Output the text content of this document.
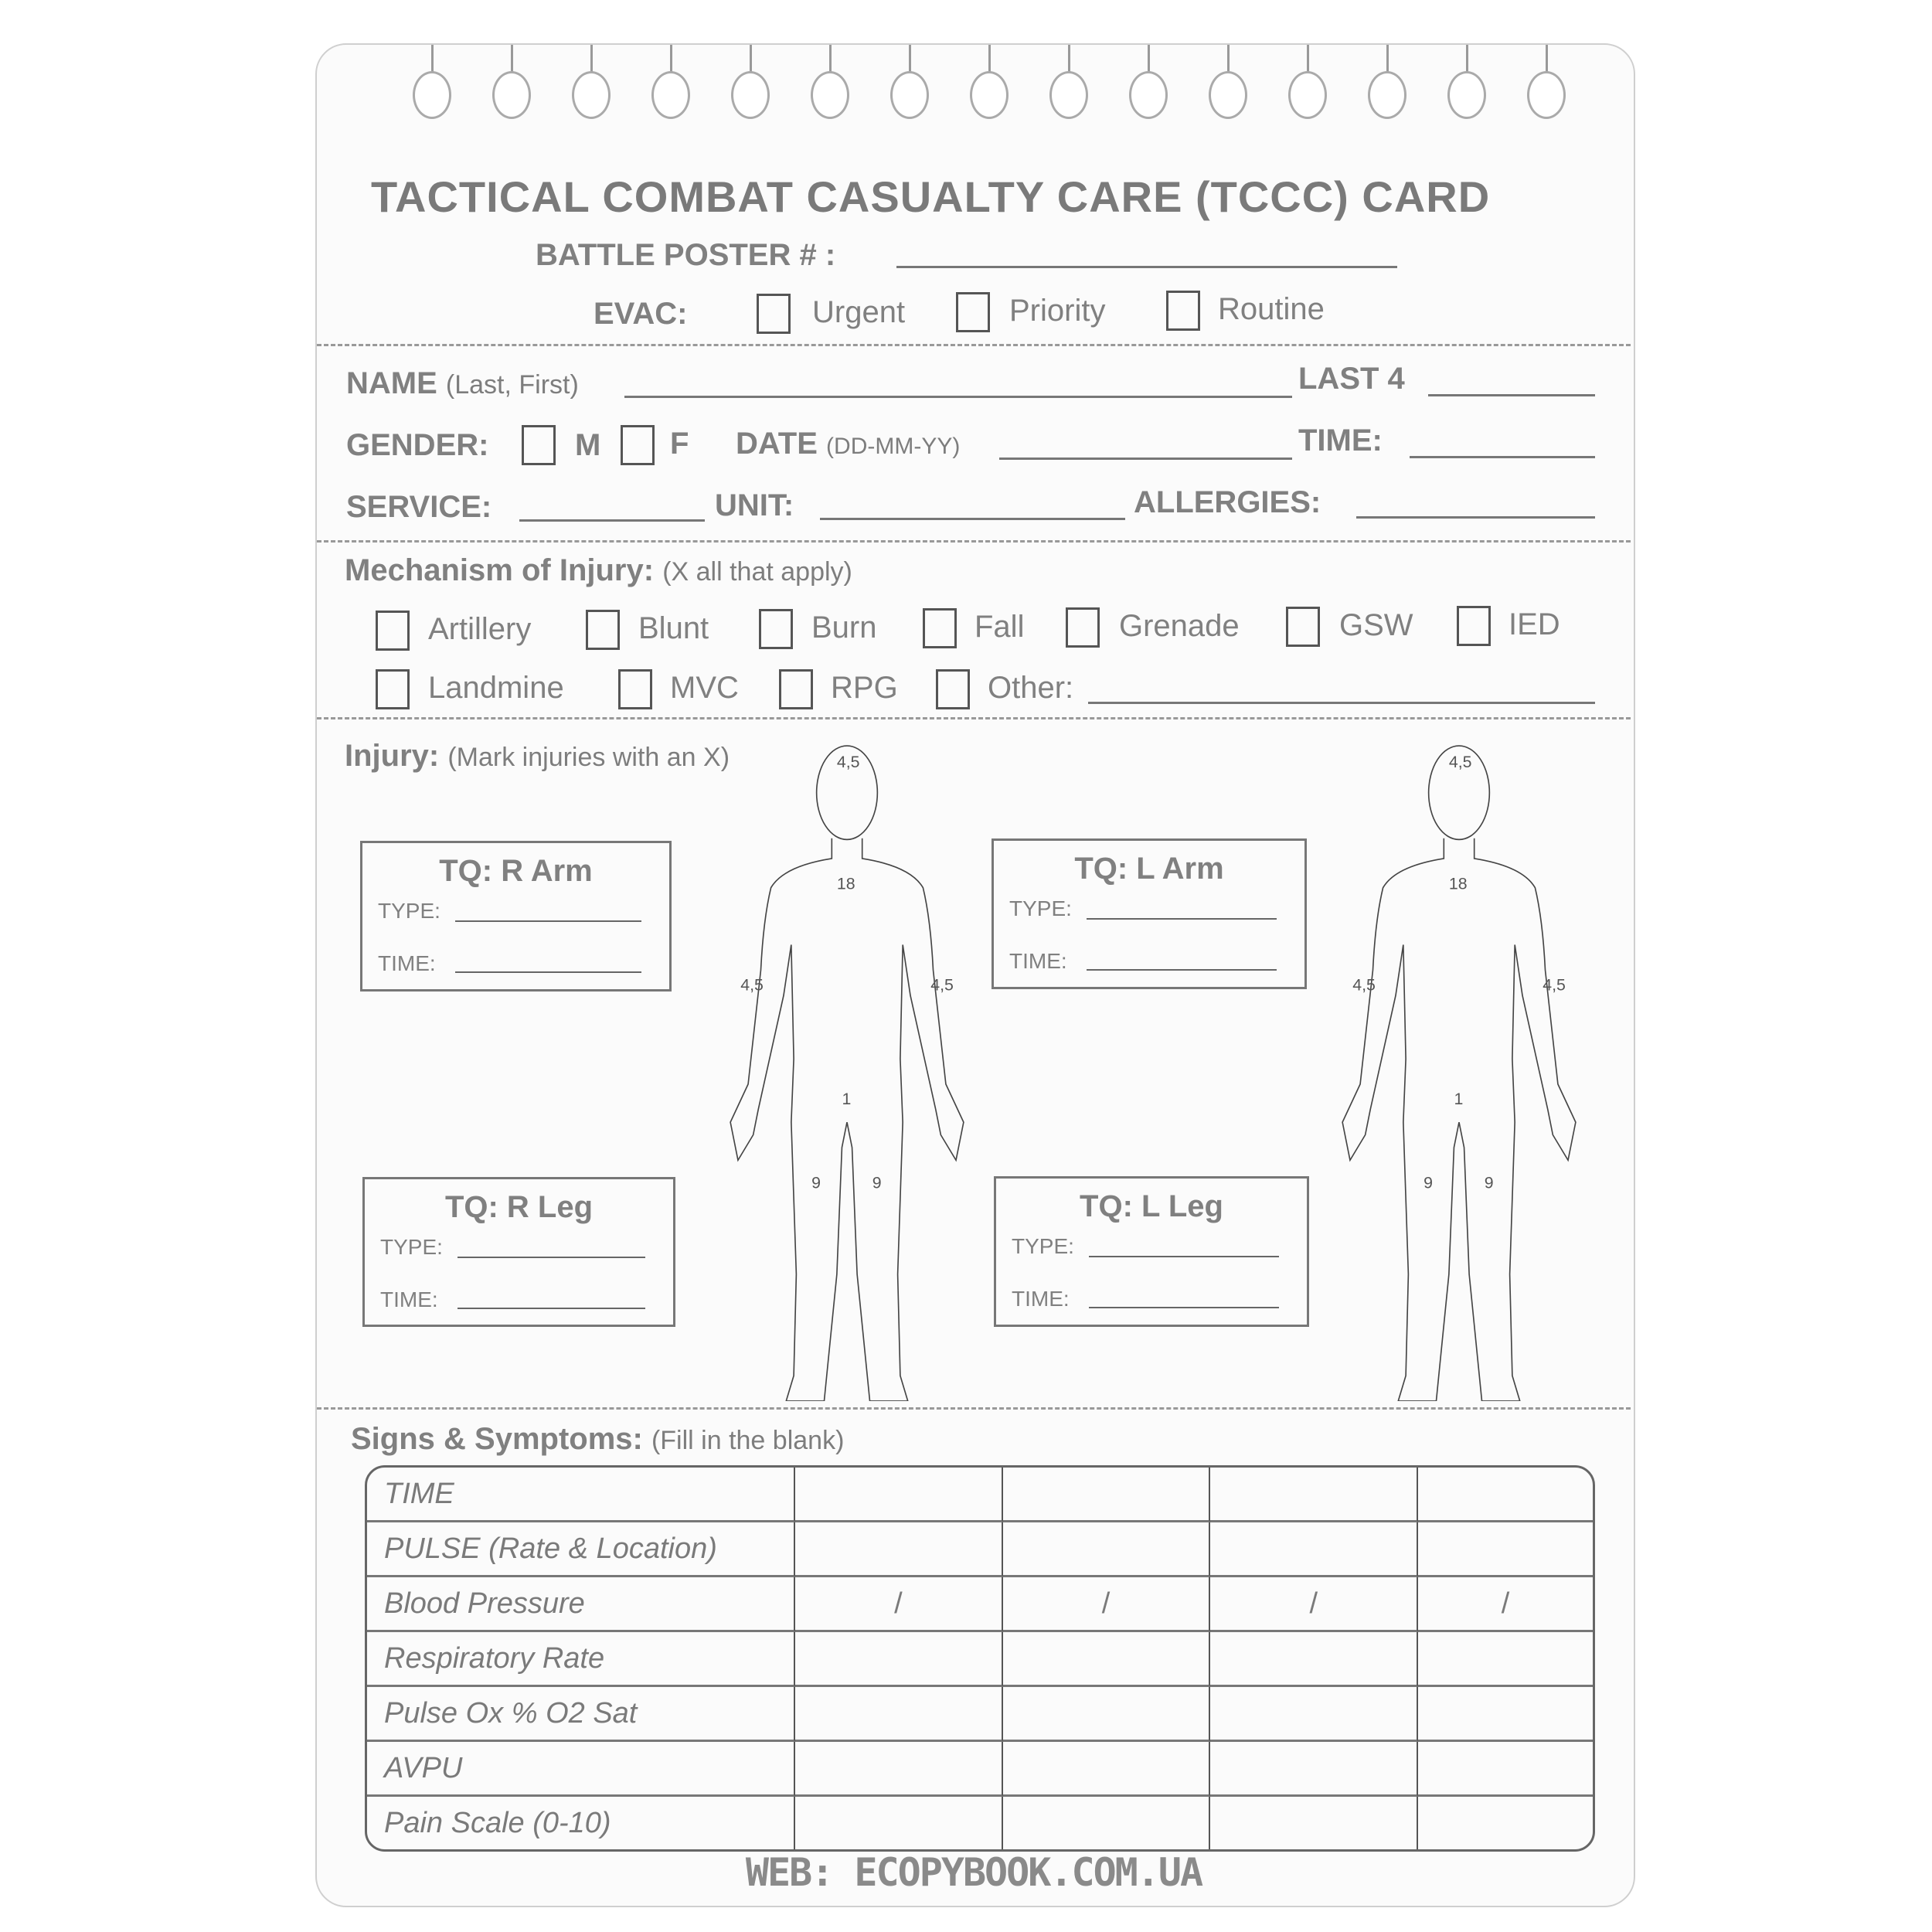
TACTICAL COMBAT CASUALTY CARE (TCCC) CARD
BATTLE POSTER # :
EVAC:	Urgent	Priority	Routine
NAME (Last, First)	LAST 4
GENDER:	M F DATE (DD-MM-YY)	TIME:
SERVICE:	UNIT:	ALLERGIES:
Mechanism of Injury: (X all that apply)
Artillery	Blunt	Burn	Fall	Grenade	GSW	IED
Landmine	MVC	RPG	Other:
Injury: (Mark injuries with an X)
TQ: R Arm
TYPE:
TIME:
TQ: L Arm
TYPE:
TIME:
TQ: R Leg
TYPE:
TIME:
TQ: L Leg
TYPE:
TIME:
4,5
18
4,5	4,5
1
9	9
4,5
18
4,5	4,5
1
9	9
Signs & Symptoms: (Fill in the blank)
TIME				
PULSE (Rate & Location)				
Blood Pressure	/	/	/	/
Respiratory Rate				
Pulse Ox % O2 Sat				
AVPU				
Pain Scale (0-10)				
WEB: ECOPYBOOK.COM.UA
